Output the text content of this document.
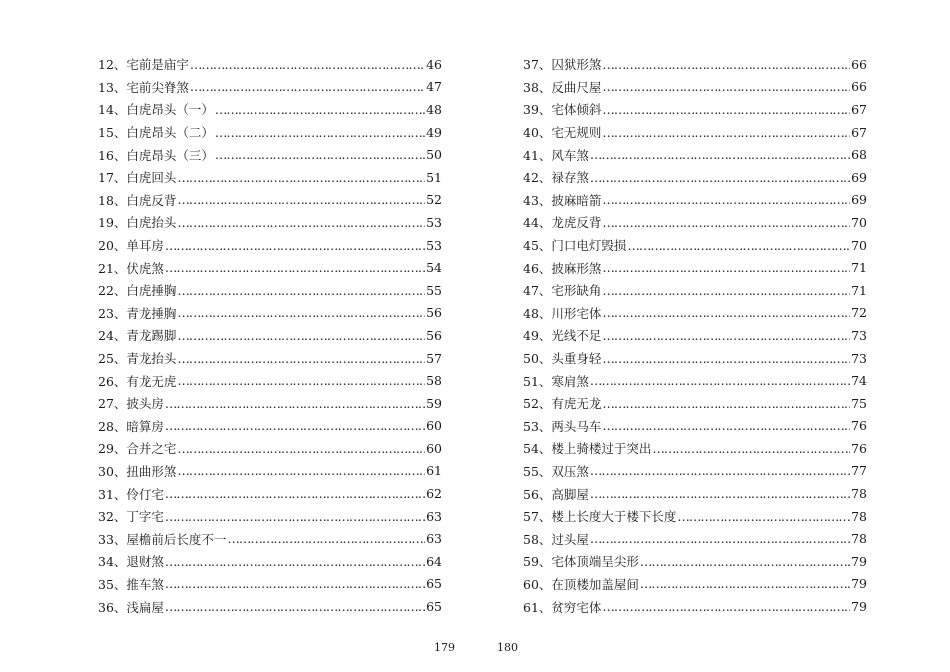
12、 宅前是庙宇 ……………………………………………………………………………………………………………………………………	46
13、 宅前尖脊煞 ……………………………………………………………………………………………………………………………………	47
14、 白虎昂头（一） ……………………………………………………………………………………………………………………………………	48
15、 白虎昂头（二） ……………………………………………………………………………………………………………………………………	49
16、 白虎昂头（三） ……………………………………………………………………………………………………………………………………	50
17、 白虎回头 ……………………………………………………………………………………………………………………………………	51
18、 白虎反背 ……………………………………………………………………………………………………………………………………	52
19、 白虎抬头 ……………………………………………………………………………………………………………………………………	53
20、 单耳房 ……………………………………………………………………………………………………………………………………	53
21、 伏虎煞 ……………………………………………………………………………………………………………………………………	54
22、 白虎捶胸 ……………………………………………………………………………………………………………………………………	55
23、 青龙捶胸 ……………………………………………………………………………………………………………………………………	56
24、 青龙踢脚 ……………………………………………………………………………………………………………………………………	56
25、 青龙抬头 ……………………………………………………………………………………………………………………………………	57
26、 有龙无虎 ……………………………………………………………………………………………………………………………………	58
27、 披头房 ……………………………………………………………………………………………………………………………………	59
28、 暗算房 ……………………………………………………………………………………………………………………………………	60
29、 合并之宅 ……………………………………………………………………………………………………………………………………	60
30、 扭曲形煞 ……………………………………………………………………………………………………………………………………	61
31、 伶仃宅 ……………………………………………………………………………………………………………………………………	62
32、 丁字宅 ……………………………………………………………………………………………………………………………………	63
33、 屋檐前后长度不一 ……………………………………………………………………………………………………………………………………	63
34、 退财煞 ……………………………………………………………………………………………………………………………………	64
35、 推车煞 ……………………………………………………………………………………………………………………………………	65
36、 浅扁屋 ……………………………………………………………………………………………………………………………………	65
37、 囚狱形煞 ……………………………………………………………………………………………………………………………………	66
38、 反曲尺屋 ……………………………………………………………………………………………………………………………………	66
39、 宅体倾斜 ……………………………………………………………………………………………………………………………………	67
40、 宅无规则 ……………………………………………………………………………………………………………………………………	67
41、 风车煞 ……………………………………………………………………………………………………………………………………	68
42、 禄存煞 ……………………………………………………………………………………………………………………………………	69
43、 披麻暗箭 ……………………………………………………………………………………………………………………………………	69
44、 龙虎反背 ……………………………………………………………………………………………………………………………………	70
45、 门口电灯毁损 ……………………………………………………………………………………………………………………………………	70
46、 披麻形煞 ……………………………………………………………………………………………………………………………………	71
47、 宅形缺角 ……………………………………………………………………………………………………………………………………	71
48、 川形宅体 ……………………………………………………………………………………………………………………………………	72
49、 光线不足 ……………………………………………………………………………………………………………………………………	73
50、 头重身轻 ……………………………………………………………………………………………………………………………………	73
51、 寒肩煞 ……………………………………………………………………………………………………………………………………	74
52、 有虎无龙 ……………………………………………………………………………………………………………………………………	75
53、 两头马车 ……………………………………………………………………………………………………………………………………	76
54、 楼上骑楼过于突出 ……………………………………………………………………………………………………………………………………	76
55、 双压煞 ……………………………………………………………………………………………………………………………………	77
56、 高脚屋 ……………………………………………………………………………………………………………………………………	78
57、 楼上长度大于楼下长度 ……………………………………………………………………………………………………………………………………	78
58、 过头屋 ……………………………………………………………………………………………………………………………………	78
59、 宅体顶端呈尖形 ……………………………………………………………………………………………………………………………………	79
60、 在顶楼加盖屋间 ……………………………………………………………………………………………………………………………………	79
61、 贫穷宅体 ……………………………………………………………………………………………………………………………………	79
179	180
